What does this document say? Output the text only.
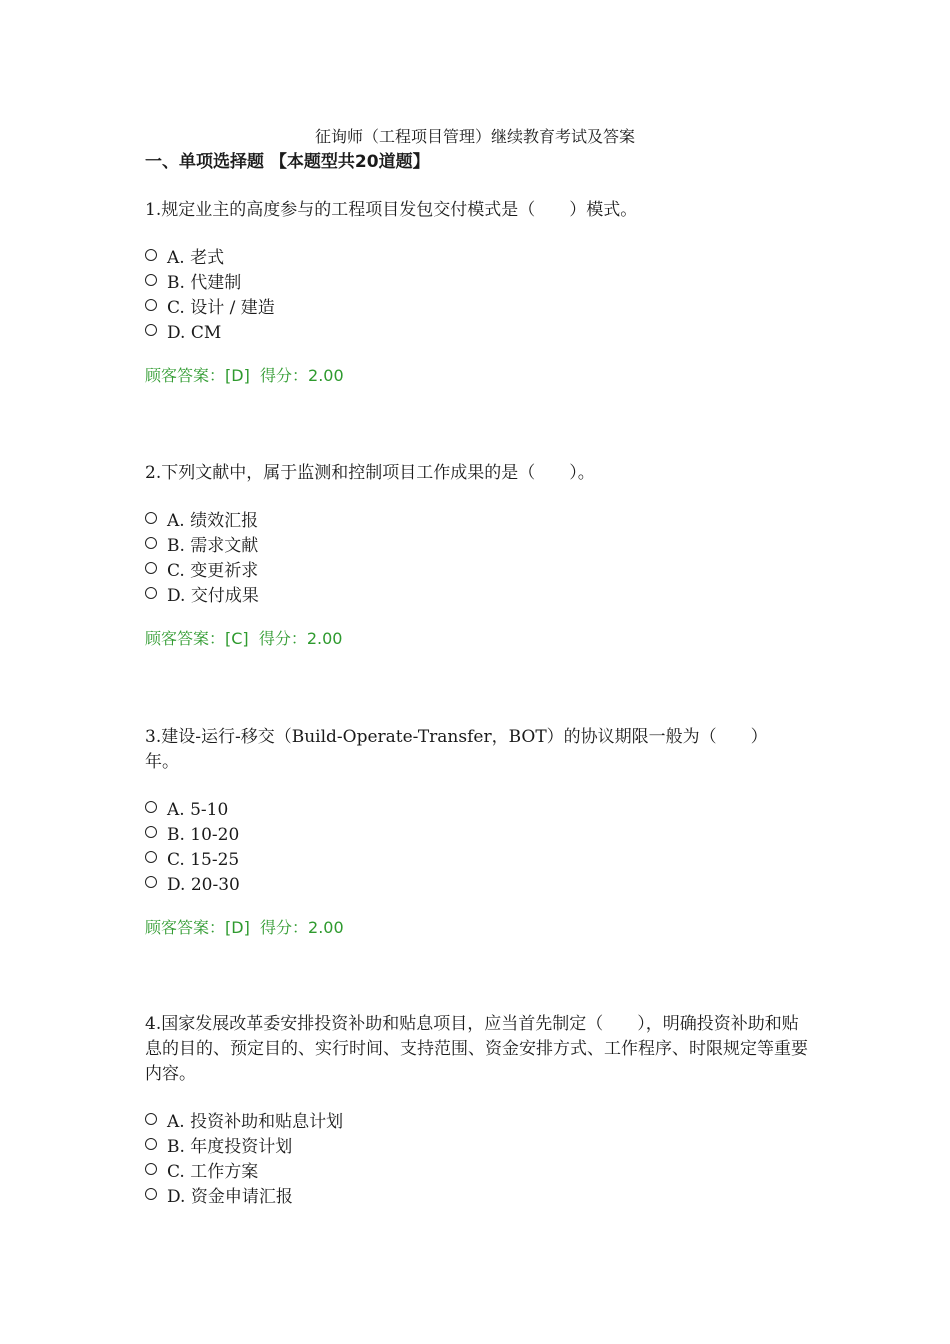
征询师（工程项目管理）继续教育考试及答案
一、单项选择题 【本题型共20道题】

1.规定业主的高度参与的工程项目发包交付模式是（　　）模式。

A. 老式
B. 代建制
C. 设计 / 建造
D. CM
顾客答案：[D] 得分：2.00

2.下列文献中，属于监测和控制项目工作成果的是（　　）。

A. 绩效汇报
B. 需求文献
C. 变更祈求
D. 交付成果
顾客答案：[C] 得分：2.00

3.建设-运行-移交（Build-Operate-Transfer，BOT）的协议期限一般为（　　）年。

A. 5-10
B. 10-20
C. 15-25
D. 20-30
顾客答案：[D] 得分：2.00

4.国家发展改革委安排投资补助和贴息项目，应当首先制定（　　），明确投资补助和贴息的目的、预定目的、实行时间、支持范围、资金安排方式、工作程序、时限规定等重要内容。

A. 投资补助和贴息计划
B. 年度投资计划
C. 工作方案
D. 资金申请汇报
